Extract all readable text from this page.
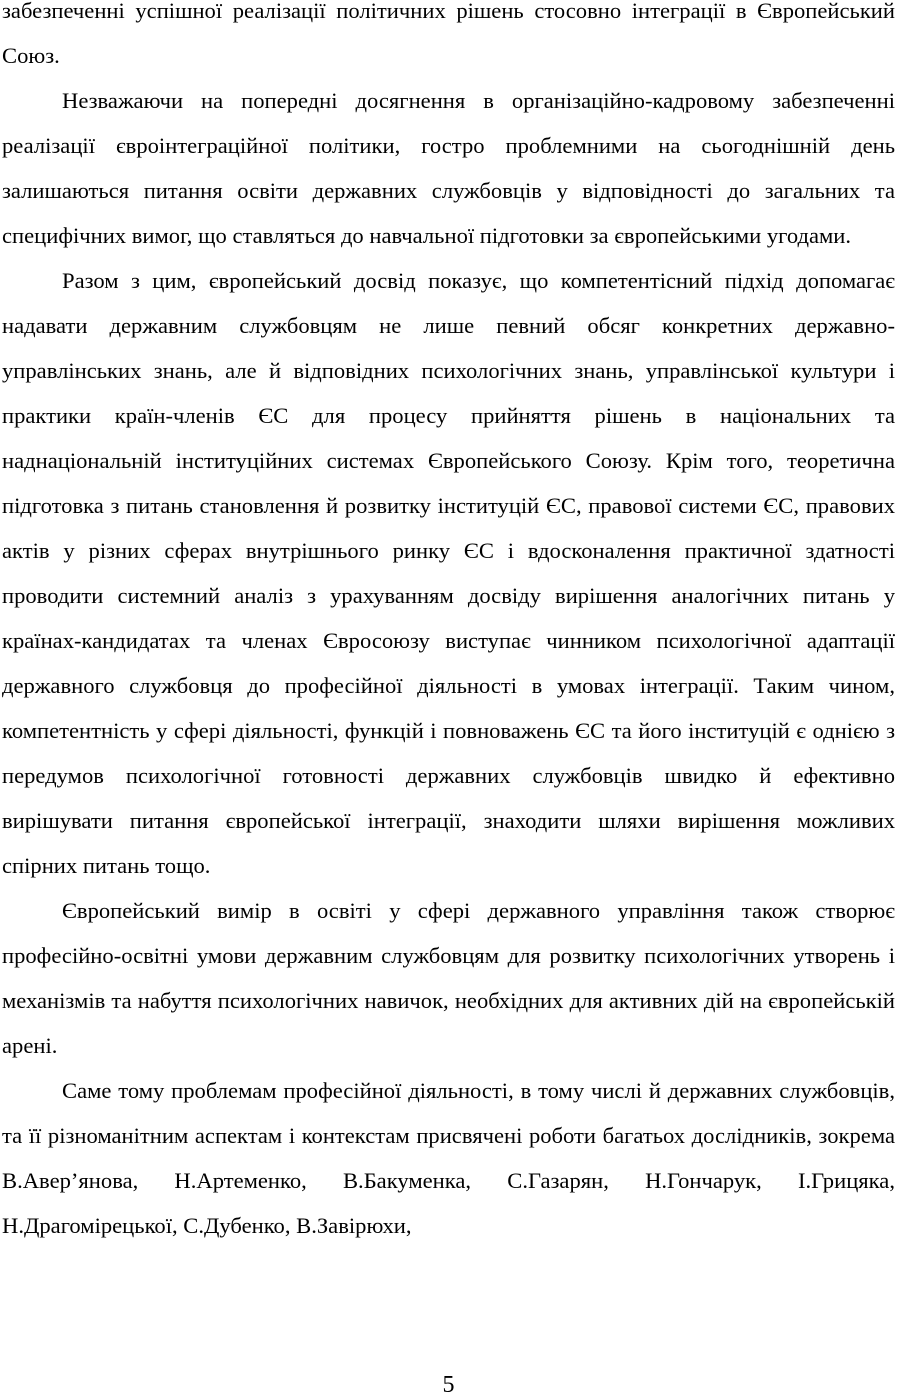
забезпеченні успішної реалізації політичних рішень стосовно інтеграції в Європейський Союз.

Незважаючи на попередні досягнення в організаційно-кадровому забезпеченні реалізації євроінтеграційної політики, гостро проблемними на сьогоднішній день залишаються питання освіти державних службовців у відповідності до загальних та специфічних вимог, що ставляться до навчальної підготовки за європейськими угодами.

Разом з цим, європейський досвід показує, що компетентісний підхід допомагає надавати державним службовцям не лише певний обсяг конкретних державно-управлінських знань, але й відповідних психологічних знань, управлінської культури і практики країн-членів ЄС для процесу прийняття рішень в національних та наднаціональній інституційних системах Європейського Союзу. Крім того, теоретична підготовка з питань становлення й розвитку інституцій ЄС, правової системи ЄС, правових актів у різних сферах внутрішнього ринку ЄС і вдосконалення практичної здатності проводити системний аналіз з урахуванням досвіду вирішення аналогічних питань у країнах-кандидатах та членах Євросоюзу виступає чинником психологічної адаптації державного службовця до професійної діяльності в умовах інтеграції. Таким чином, компетентність у сфері діяльності, функцій і повноважень ЄС та його інституцій є однією з передумов психологічної готовності державних службовців швидко й ефективно вирішувати питання європейської інтеграції, знаходити шляхи вирішення можливих спірних питань тощо.

Європейський вимір в освіті у сфері державного управління також створює професійно-освітні умови державним службовцям для розвитку психологічних утворень і механізмів та набуття психологічних навичок, необхідних для активних дій на європейській арені.

Саме тому проблемам професійної діяльності, в тому числі й державних службовців, та її різноманітним аспектам і контекстам присвячені роботи багатьох дослідників, зокрема В.Авер’янова, Н.Артеменко, В.Бакуменка, С.Газарян, Н.Гончарук, І.Грицяка, Н.Драгомірецької, С.Дубенко, В.Завірюхи,

5
